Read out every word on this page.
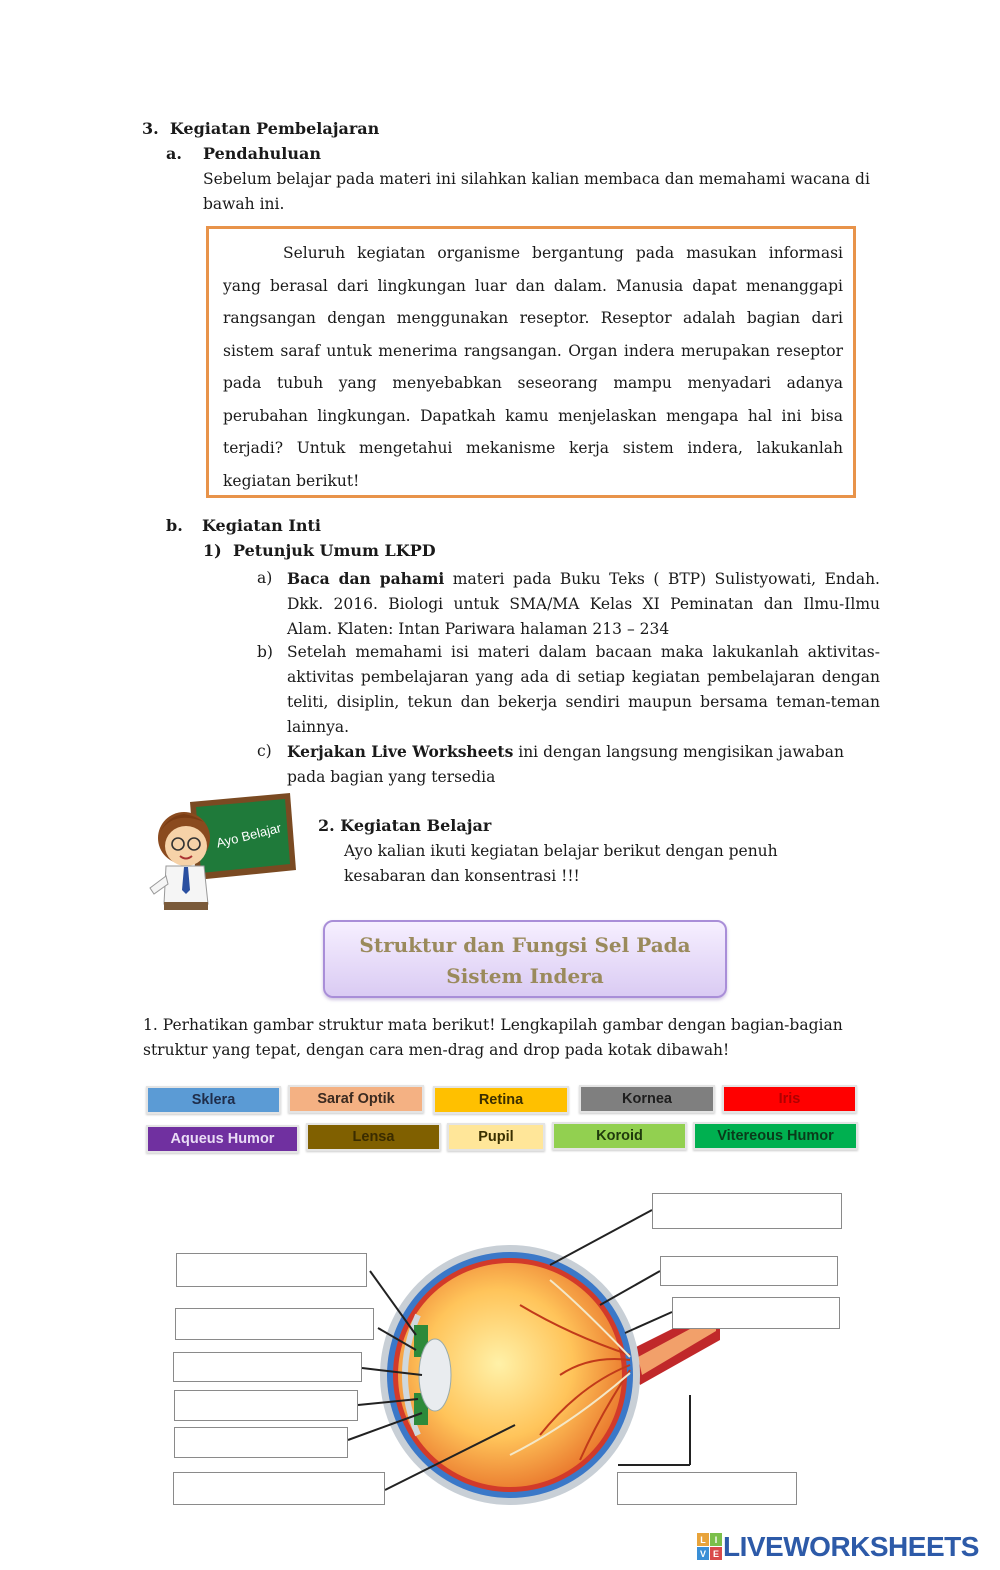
3. Kegiatan Pembelajaran
a. Pendahuluan
Sebelum belajar pada materi ini silahkan kalian membaca dan memahami wacana di bawah ini.
Seluruh kegiatan organisme bergantung pada masukan informasi yang berasal dari lingkungan luar dan dalam. Manusia dapat menanggapi rangsangan dengan menggunakan reseptor. Reseptor adalah bagian dari sistem saraf untuk menerima rangsangan. Organ indera merupakan reseptor pada tubuh yang menyebabkan seseorang mampu menyadari adanya perubahan lingkungan. Dapatkah kamu menjelaskan mengapa hal ini bisa terjadi? Untuk mengetahui mekanisme kerja sistem indera, lakukanlah kegiatan berikut!
b. Kegiatan Inti
1) Petunjuk Umum LKPD
a) Baca dan pahami materi pada Buku Teks ( BTP) Sulistyowati, Endah. Dkk. 2016. Biologi untuk SMA/MA Kelas XI Peminatan dan Ilmu-Ilmu Alam. Klaten: Intan Pariwara halaman 213 – 234
b) Setelah memahami isi materi dalam bacaan maka lakukanlah aktivitas-aktivitas pembelajaran yang ada di setiap kegiatan pembelajaran dengan teliti, disiplin, tekun dan bekerja sendiri maupun bersama teman-teman lainnya.
c) Kerjakan Live Worksheets ini dengan langsung mengisikan jawaban pada bagian yang tersedia
Ayo Belajar 2. Kegiatan Belajar
Ayo kalian ikuti kegiatan belajar berikut dengan penuh kesabaran dan konsentrasi !!!
Struktur dan Fungsi Sel Pada
Sistem Indera
1. Perhatikan gambar struktur mata berikut! Lengkapilah gambar dengan bagian-bagian struktur yang tepat, dengan cara men-drag and drop pada kotak dibawah!
Sklera	Saraf Optik	Retina	Kornea	Iris
Aqueus Humor	Lensa	Pupil	Koroid	Vitereous Humor
L I
V E LIVEWORKSHEETS
